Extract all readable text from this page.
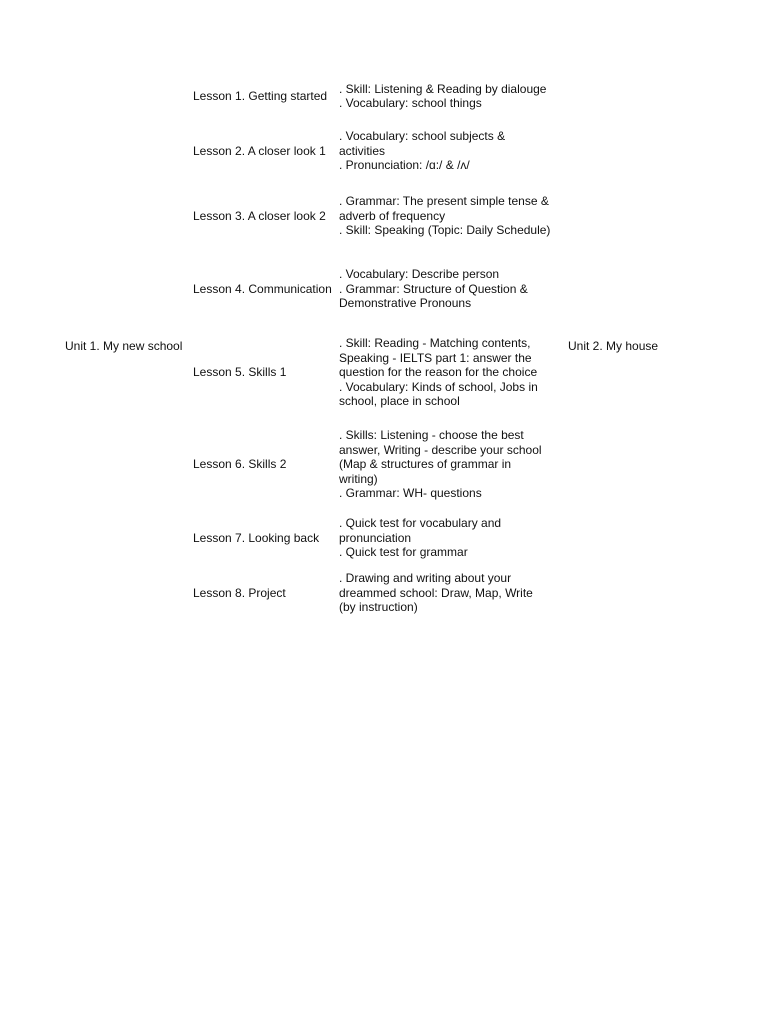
Unit 1. My new school	Unit 2. My house
Lesson 1. Getting started
. Skill: Listening & Reading by dialouge
. Vocabulary: school things
Lesson 2. A closer look 1
. Vocabulary: school subjects &
activities
. Pronunciation: /ɑ:/ & /ʌ/
Lesson 3. A closer look 2
. Grammar: The present simple tense &
adverb of frequency
. Skill: Speaking (Topic: Daily Schedule)
Lesson 4. Communication
. Vocabulary: Describe person
. Grammar: Structure of Question &
Demonstrative Pronouns
Lesson 5. Skills 1
. Skill: Reading - Matching contents,
Speaking - IELTS part 1: answer the
question for the reason for the choice
. Vocabulary: Kinds of school, Jobs in
school, place in school
Lesson 6. Skills 2
. Skills: Listening - choose the best
answer, Writing - describe your school
(Map & structures of grammar in
writing)
. Grammar: WH- questions
Lesson 7. Looking back
. Quick test for vocabulary and
pronunciation
. Quick test for grammar
Lesson 8. Project
. Drawing and writing about your
dreammed school: Draw, Map, Write
(by instruction)
